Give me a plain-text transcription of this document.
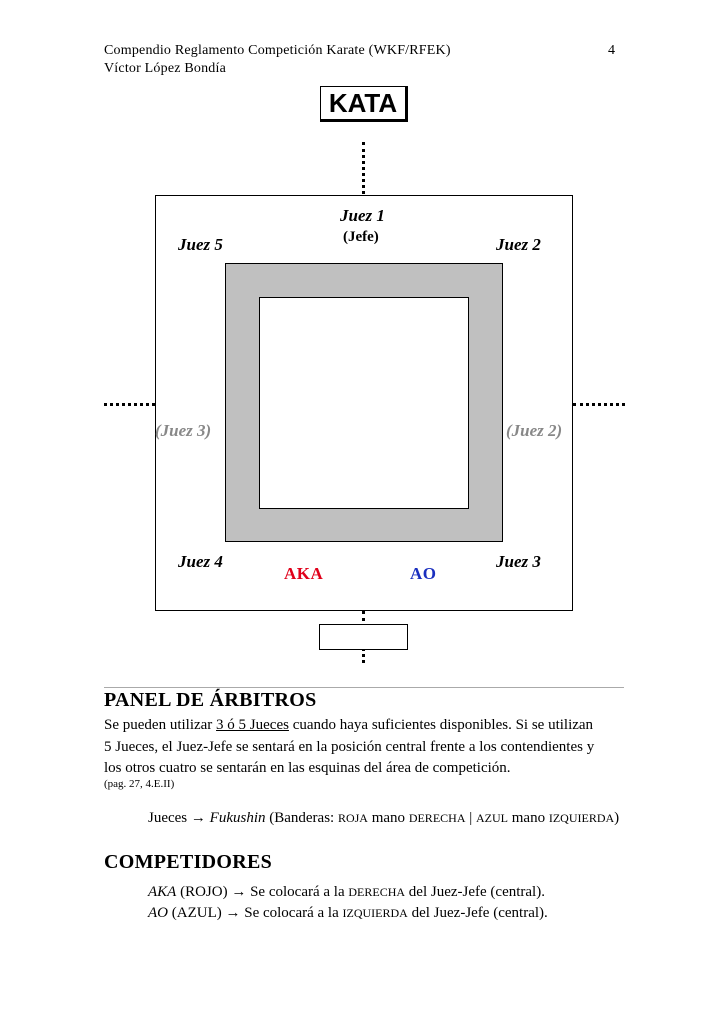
Compendio Reglamento Competición Karate (WKF/RFEK)	4
Víctor López Bondía
KATA
Juez 1
(Jefe)
Juez 5	Juez 2
(Juez 3)	(Juez 2)
Juez 4	Juez 3
AKA	AO
PANEL DE ÁRBITROS
Se pueden utilizar 3 ó 5 Jueces cuando haya suficientes disponibles. Si se utilizan
5 Jueces, el Juez-Jefe se sentará en la posición central frente a los contendientes y
los otros cuatro se sentarán en las esquinas del área de competición.
(pag. 27, 4.E.II)
Jueces → Fukushin (Banderas: ROJA mano DERECHA | AZUL mano IZQUIERDA)
COMPETIDORES
AKA (ROJO) → Se colocará a la DERECHA del Juez-Jefe (central).
AO (AZUL) → Se colocará a la IZQUIERDA del Juez-Jefe (central).
